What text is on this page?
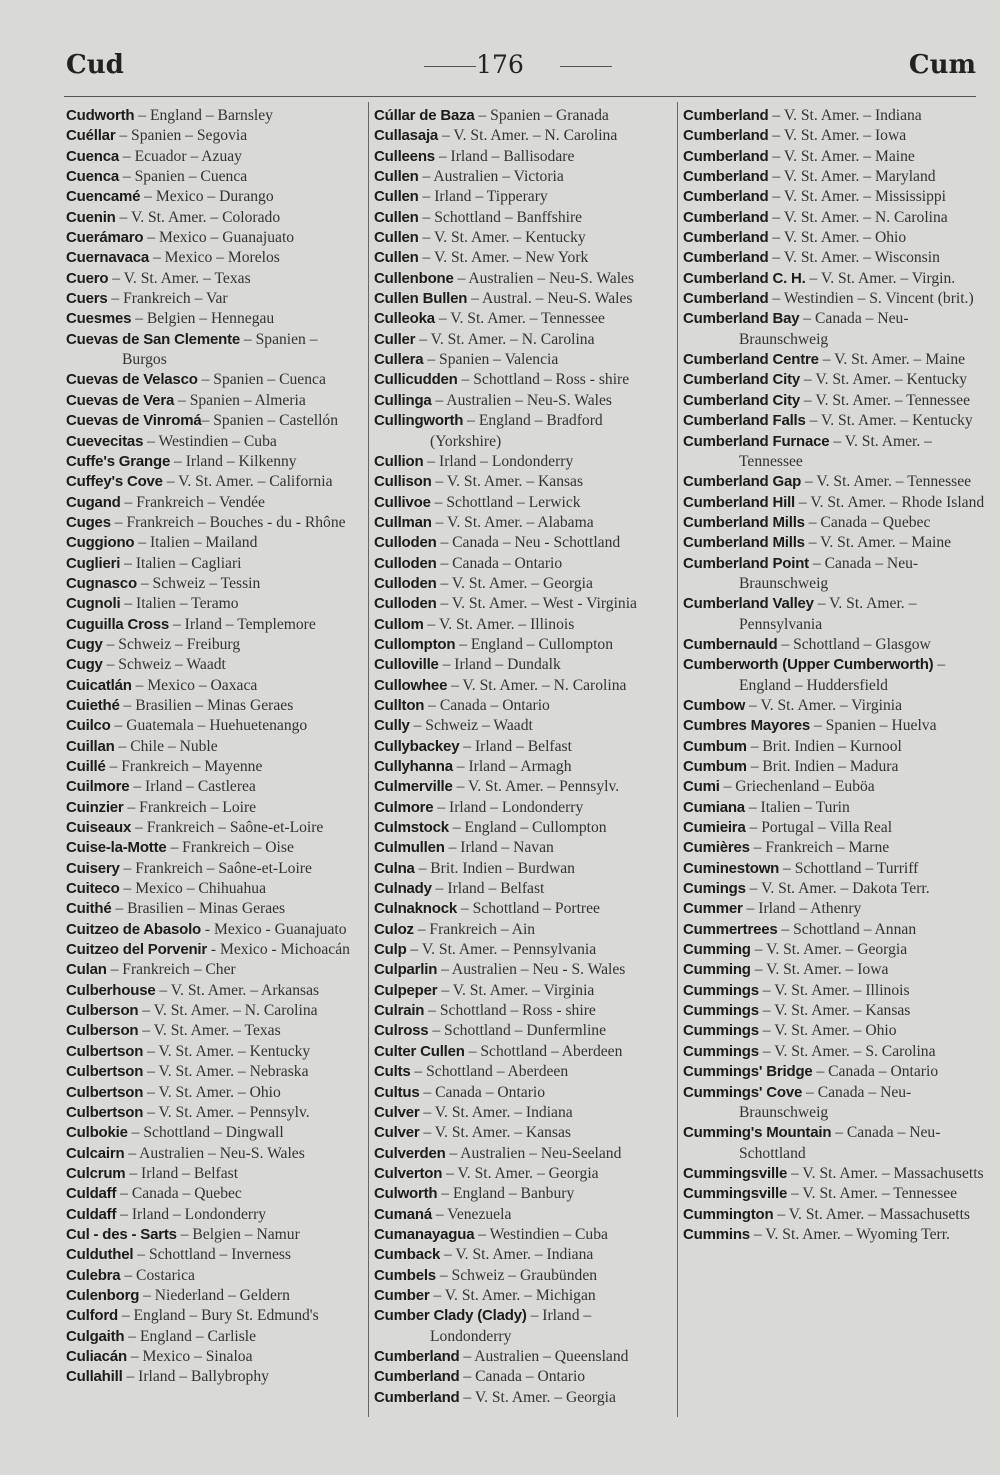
Cud	176	Cum
Cudworth – England – Barnsley
Cuéllar – Spanien – Segovia
Cuenca – Ecuador – Azuay
Cuenca – Spanien – Cuenca
Cuencamé – Mexico – Durango
Cuenin – V. St. Amer. – Colorado
Cuerámaro – Mexico – Guanajuato
Cuernavaca – Mexico – Morelos
Cuero – V. St. Amer. – Texas
Cuers – Frankreich – Var
Cuesmes – Belgien – Hennegau
Cuevas de San Clemente – Spanien – Burgos
Cuevas de Velasco – Spanien – Cuenca
Cuevas de Vera – Spanien – Almeria
Cuevas de Vinromá– Spanien – Castellón
Cuevecitas – Westindien – Cuba
Cuffe's Grange – Irland – Kilkenny
Cuffey's Cove – V. St. Amer. – California
Cugand – Frankreich – Vendée
Cuges – Frankreich – Bouches - du - Rhône
Cuggiono – Italien – Mailand
Cuglieri – Italien – Cagliari
Cugnasco – Schweiz – Tessin
Cugnoli – Italien – Teramo
Cuguilla Cross – Irland – Templemore
Cugy – Schweiz – Freiburg
Cugy – Schweiz – Waadt
Cuicatlán – Mexico – Oaxaca
Cuiethé – Brasilien – Minas Geraes
Cuilco – Guatemala – Huehuetenango
Cuillan – Chile – Nuble
Cuillé – Frankreich – Mayenne
Cuilmore – Irland – Castlerea
Cuinzier – Frankreich – Loire
Cuiseaux – Frankreich – Saône-et-Loire
Cuise-la-Motte – Frankreich – Oise
Cuisery – Frankreich – Saône-et-Loire
Cuiteco – Mexico – Chihuahua
Cuithé – Brasilien – Minas Geraes
Cuitzeo de Abasolo - Mexico - Guanajuato
Cuitzeo del Porvenir - Mexico - Michoacán
Culan – Frankreich – Cher
Culberhouse – V. St. Amer. – Arkansas
Culberson – V. St. Amer. – N. Carolina
Culberson – V. St. Amer. – Texas
Culbertson – V. St. Amer. – Kentucky
Culbertson – V. St. Amer. – Nebraska
Culbertson – V. St. Amer. – Ohio
Culbertson – V. St. Amer. – Pennsylv.
Culbokie – Schottland – Dingwall
Culcairn – Australien – Neu-S. Wales
Culcrum – Irland – Belfast
Culdaff – Canada – Quebec
Culdaff – Irland – Londonderry
Cul - des - Sarts – Belgien – Namur
Culduthel – Schottland – Inverness
Culebra – Costarica
Culenborg – Niederland – Geldern
Culford – England – Bury St. Edmund's
Culgaith – England – Carlisle
Culiacán – Mexico – Sinaloa
Cullahill – Irland – Ballybrophy
Cúllar de Baza – Spanien – Granada
Cullasaja – V. St. Amer. – N. Carolina
Culleens – Irland – Ballisodare
Cullen – Australien – Victoria
Cullen – Irland – Tipperary
Cullen – Schottland – Banffshire
Cullen – V. St. Amer. – Kentucky
Cullen – V. St. Amer. – New York
Cullenbone – Australien – Neu-S. Wales
Cullen Bullen – Austral. – Neu-S. Wales
Culleoka – V. St. Amer. – Tennessee
Culler – V. St. Amer. – N. Carolina
Cullera – Spanien – Valencia
Cullicudden – Schottland – Ross - shire
Cullinga – Australien – Neu-S. Wales
Cullingworth – England – Bradford (Yorkshire)
Cullion – Irland – Londonderry
Cullison – V. St. Amer. – Kansas
Cullivoe – Schottland – Lerwick
Cullman – V. St. Amer. – Alabama
Culloden – Canada – Neu - Schottland
Culloden – Canada – Ontario
Culloden – V. St. Amer. – Georgia
Culloden – V. St. Amer. – West - Virginia
Cullom – V. St. Amer. – Illinois
Cullompton – England – Cullompton
Culloville – Irland – Dundalk
Cullowhee – V. St. Amer. – N. Carolina
Cullton – Canada – Ontario
Cully – Schweiz – Waadt
Cullybackey – Irland – Belfast
Cullyhanna – Irland – Armagh
Culmerville – V. St. Amer. – Pennsylv.
Culmore – Irland – Londonderry
Culmstock – England – Cullompton
Culmullen – Irland – Navan
Culna – Brit. Indien – Burdwan
Culnady – Irland – Belfast
Culnaknock – Schottland – Portree
Culoz – Frankreich – Ain
Culp – V. St. Amer. – Pennsylvania
Culparlin – Australien – Neu - S. Wales
Culpeper – V. St. Amer. – Virginia
Culrain – Schottland – Ross - shire
Culross – Schottland – Dunfermline
Culter Cullen – Schottland – Aberdeen
Cults – Schottland – Aberdeen
Cultus – Canada – Ontario
Culver – V. St. Amer. – Indiana
Culver – V. St. Amer. – Kansas
Culverden – Australien – Neu-Seeland
Culverton – V. St. Amer. – Georgia
Culworth – England – Banbury
Cumaná – Venezuela
Cumanayagua – Westindien – Cuba
Cumback – V. St. Amer. – Indiana
Cumbels – Schweiz – Graubünden
Cumber – V. St. Amer. – Michigan
Cumber Clady (Clady) – Irland – Londonderry
Cumberland – Australien – Queensland
Cumberland – Canada – Ontario
Cumberland – V. St. Amer. – Georgia
Cumberland – V. St. Amer. – Indiana
Cumberland – V. St. Amer. – Iowa
Cumberland – V. St. Amer. – Maine
Cumberland – V. St. Amer. – Maryland
Cumberland – V. St. Amer. – Mississippi
Cumberland – V. St. Amer. – N. Carolina
Cumberland – V. St. Amer. – Ohio
Cumberland – V. St. Amer. – Wisconsin
Cumberland C. H. – V. St. Amer. – Virgin.
Cumberland – Westindien – S. Vincent (brit.)
Cumberland Bay – Canada – Neu-Braunschweig
Cumberland Centre – V. St. Amer. – Maine
Cumberland City – V. St. Amer. – Kentucky
Cumberland City – V. St. Amer. – Tennessee
Cumberland Falls – V. St. Amer. – Kentucky
Cumberland Furnace – V. St. Amer. – Tennessee
Cumberland Gap – V. St. Amer. – Tennessee
Cumberland Hill – V. St. Amer. – Rhode Island
Cumberland Mills – Canada – Quebec
Cumberland Mills – V. St. Amer. – Maine
Cumberland Point – Canada – Neu-Braunschweig
Cumberland Valley – V. St. Amer. – Pennsylvania
Cumbernauld – Schottland – Glasgow
Cumberworth (Upper Cumberworth) – England – Huddersfield
Cumbow – V. St. Amer. – Virginia
Cumbres Mayores – Spanien – Huelva
Cumbum – Brit. Indien – Kurnool
Cumbum – Brit. Indien – Madura
Cumi – Griechenland – Euböa
Cumiana – Italien – Turin
Cumieira – Portugal – Villa Real
Cumières – Frankreich – Marne
Cuminestown – Schottland – Turriff
Cumings – V. St. Amer. – Dakota Terr.
Cummer – Irland – Athenry
Cummertrees – Schottland – Annan
Cumming – V. St. Amer. – Georgia
Cumming – V. St. Amer. – Iowa
Cummings – V. St. Amer. – Illinois
Cummings – V. St. Amer. – Kansas
Cummings – V. St. Amer. – Ohio
Cummings – V. St. Amer. – S. Carolina
Cummings' Bridge – Canada – Ontario
Cummings' Cove – Canada – Neu-Braunschweig
Cumming's Mountain – Canada – Neu-Schottland
Cummingsville – V. St. Amer. – Massachusetts
Cummingsville – V. St. Amer. – Tennessee
Cummington – V. St. Amer. – Massachusetts
Cummins – V. St. Amer. – Wyoming Terr.
